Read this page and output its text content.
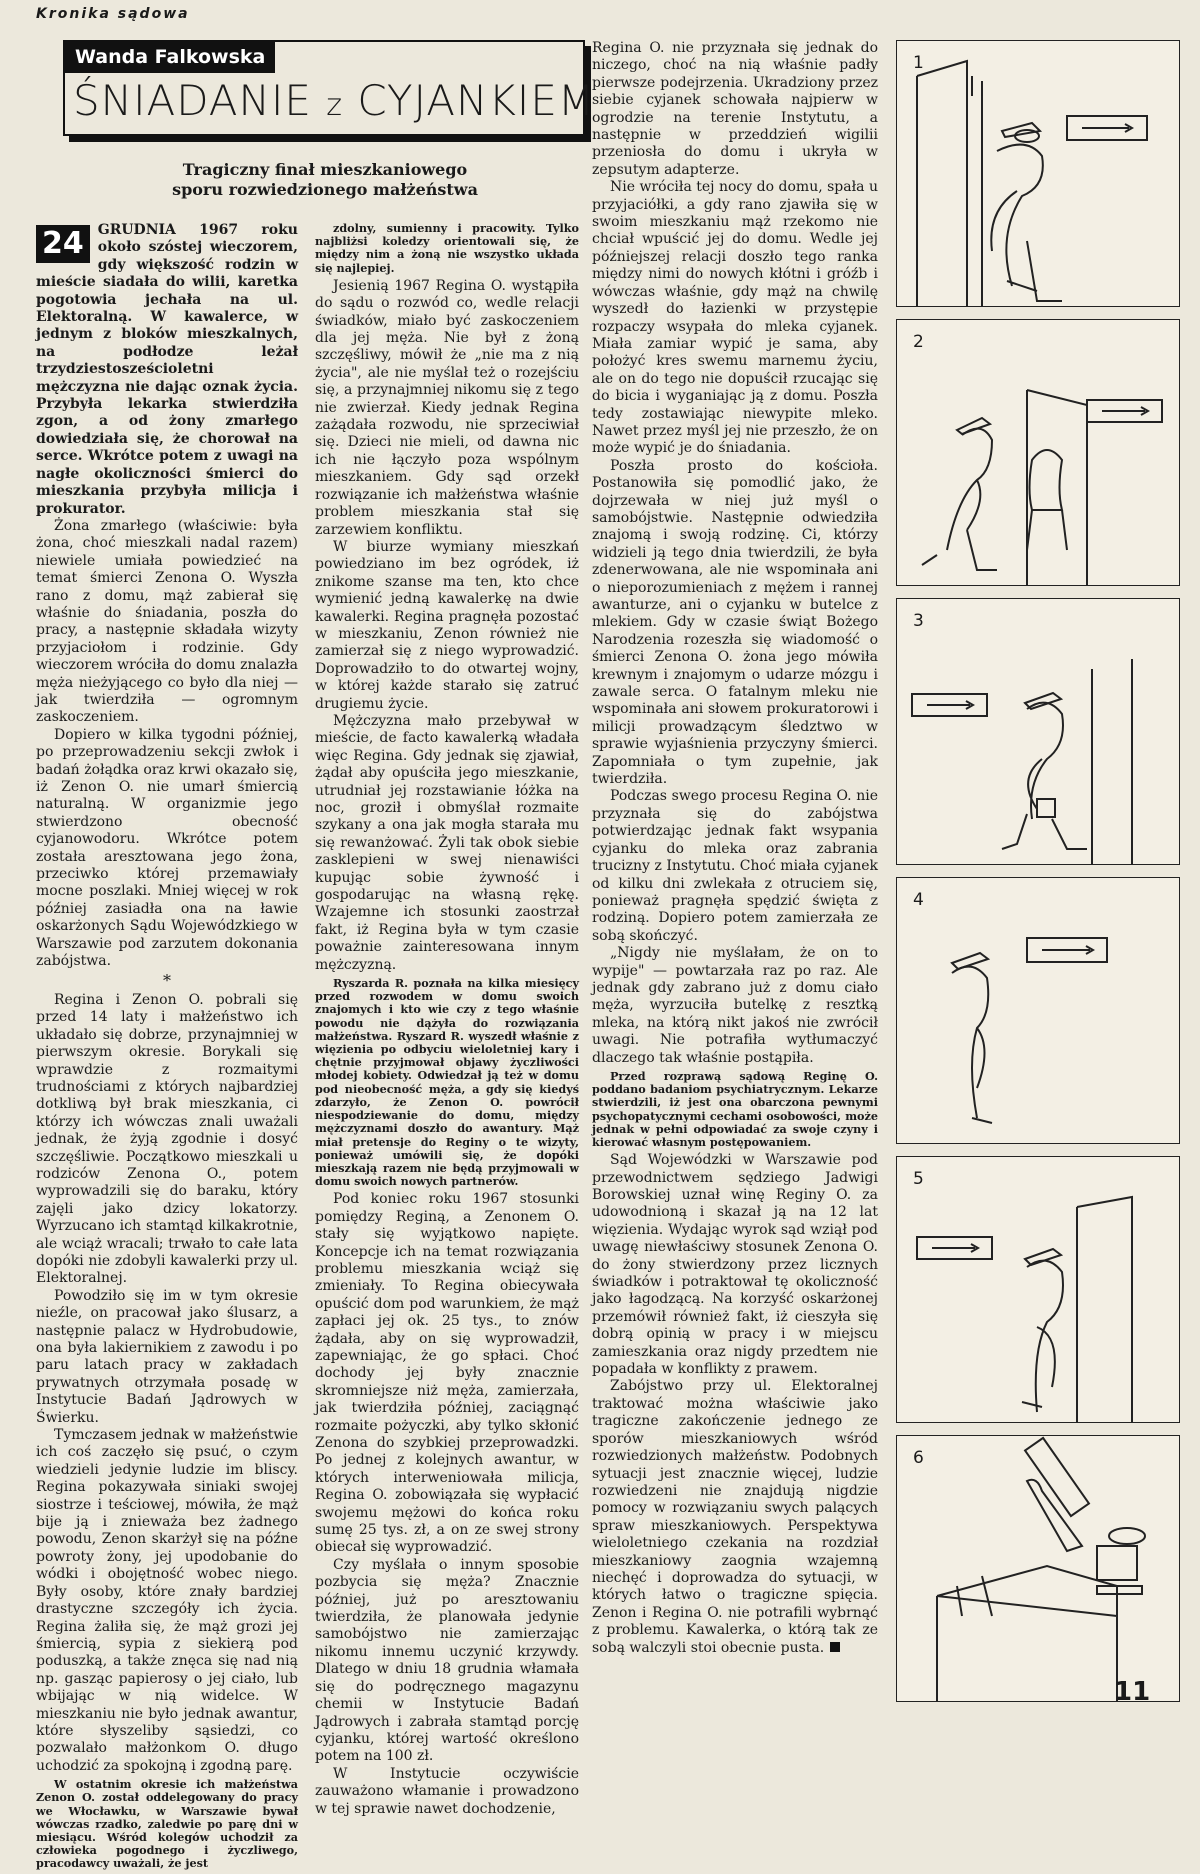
Kronika sądowa
Wanda Falkowska
ŚNIADANIE z CYJANKIEM
Tragiczny finał mieszkaniowego
sporu rozwiedzionego małżeństwa

24	GRUDNIA 1967 roku około szóstej wieczorem, gdy większość rodzin w mieście siadała do wilii, karetka pogotowia jechała na ul. Elektoralną. W kawalerce, w jednym z bloków mieszkalnych, na podłodze leżał trzydziestosześcioletni mężczyzna nie dając oznak życia. Przybyła lekarka stwierdziła zgon, a od żony zmarłego dowiedziała się, że chorował na serce. Wkrótce potem z uwagi na nagłe okoliczności śmierci do mieszkania przybyła milicja i prokurator.

Żona zmarłego (właściwie: była żona, choć mieszkali nadal razem) niewiele umiała powiedzieć na temat śmierci Zenona O. Wyszła rano z domu, mąż zabierał się właśnie do śniadania, poszła do pracy, a następnie składała wizyty przyjaciołom i rodzinie. Gdy wieczorem wróciła do domu znalazła męża nieżyjącego co było dla niej — jak twierdziła — ogromnym zaskoczeniem.

Dopiero w kilka tygodni później, po przeprowadzeniu sekcji zwłok i badań żołądka oraz krwi okazało się, iż Zenon O. nie umarł śmiercią naturalną. W organizmie jego stwierdzono obecność cyjanowodoru. Wkrótce potem została aresztowana jego żona, przeciwko której przemawiały mocne poszlaki. Mniej więcej w rok później zasiadła ona na ławie oskarżonych Sądu Wojewódzkiego w Warszawie pod zarzutem dokonania zabójstwa.

*

Regina i Zenon O. pobrali się przed 14 laty i małżeństwo ich układało się dobrze, przynajmniej w pierwszym okresie. Borykali się wprawdzie z rozmaitymi trudnościami z których najbardziej dotkliwą był brak mieszkania, ci którzy ich wówczas znali uważali jednak, że żyją zgodnie i dosyć szczęśliwie. Początkowo mieszkali u rodziców Zenona O., potem wyprowadzili się do baraku, który zajęli jako dzicy lokatorzy. Wyrzucano ich stamtąd kilkakrotnie, ale wciąż wracali; trwało to całe lata dopóki nie zdobyli kawalerki przy ul. Elektoralnej.

Powodziło się im w tym okresie nieźle, on pracował jako ślusarz, a następnie palacz w Hydrobudowie, ona była lakiernikiem z zawodu i po paru latach pracy w zakładach prywatnych otrzymała posadę w Instytucie Badań Jądrowych w Świerku.

Tymczasem jednak w małżeństwie ich coś zaczęło się psuć, o czym wiedzieli jedynie ludzie im bliscy. Regina pokazywała siniaki swojej siostrze i teściowej, mówiła, że mąż bije ją i znieważa bez żadnego powodu, Zenon skarżył się na późne powroty żony, jej upodobanie do wódki i obojętność wobec niego. Były osoby, które znały bardziej drastyczne szczegóły ich życia. Regina żaliła się, że mąż grozi jej śmiercią, sypia z siekierą pod poduszką, a także znęca się nad nią np. gasząc papierosy o jej ciało, lub wbijając w nią widelce. W mieszkaniu nie było jednak awantur, które słyszeliby sąsiedzi, co pozwalało małżonkom O. długo uchodzić za spokojną i zgodną parę.

W ostatnim okresie ich małżeństwa Zenon O. został oddelegowany do pracy we Włocławku, w Warszawie bywał wówczas rzadko, zaledwie po parę dni w miesiącu. Wśród kolegów uchodził za człowieka pogodnego i życzliwego, pracodawcy uważali, że jest

zdolny, sumienny i pracowity. Tylko najbliżsi koledzy orientowali się, że między nim a żoną nie wszystko układa się najlepiej.

Jesienią 1967 Regina O. wystąpiła do sądu o rozwód co, wedle relacji świadków, miało być zaskoczeniem dla jej męża. Nie był z żoną szczęśliwy, mówił że „nie ma z nią życia", ale nie myślał też o rozejściu się, a przynajmniej nikomu się z tego nie zwierzał. Kiedy jednak Regina zażądała rozwodu, nie sprzeciwiał się. Dzieci nie mieli, od dawna nic ich nie łączyło poza wspólnym mieszkaniem. Gdy sąd orzekł rozwiązanie ich małżeństwa właśnie problem mieszkania stał się zarzewiem konfliktu.

W biurze wymiany mieszkań powiedziano im bez ogródek, iż znikome szanse ma ten, kto chce wymienić jedną kawalerkę na dwie kawalerki. Regina pragnęła pozostać w mieszkaniu, Zenon również nie zamierzał się z niego wyprowadzić. Doprowadziło to do otwartej wojny, w której każde starało się zatruć drugiemu życie.

Mężczyzna mało przebywał w mieście, de facto kawalerką władała więc Regina. Gdy jednak się zjawiał, żądał aby opuściła jego mieszkanie, utrudniał jej rozstawianie łóżka na noc, groził i obmyślał rozmaite szykany a ona jak mogła starała mu się rewanżować. Żyli tak obok siebie zasklepieni w swej nienawiści kupując sobie żywność i gospodarując na własną rękę. Wzajemne ich stosunki zaostrzał fakt, iż Regina była w tym czasie poważnie zainteresowana innym mężczyzną.

Ryszarda R. poznała na kilka miesięcy przed rozwodem w domu swoich znajomych i kto wie czy z tego właśnie powodu nie dążyła do rozwiązania małżeństwa. Ryszard R. wyszedł właśnie z więzienia po odbyciu wieloletniej kary i chętnie przyjmował objawy życzliwości młodej kobiety. Odwiedzał ją też w domu pod nieobecność męża, a gdy się kiedyś zdarzyło, że Zenon O. powrócił niespodziewanie do domu, między mężczyznami doszło do awantury. Mąż miał pretensje do Reginy o te wizyty, ponieważ umówili się, że dopóki mieszkają razem nie będą przyjmowali w domu swoich nowych partnerów.

Pod koniec roku 1967 stosunki pomiędzy Reginą, a Zenonem O. stały się wyjątkowo napięte. Koncepcje ich na temat rozwiązania problemu mieszkania wciąż się zmieniały. To Regina obiecywała opuścić dom pod warunkiem, że mąż zapłaci jej ok. 25 tys., to znów żądała, aby on się wyprowadził, zapewniając, że go spłaci. Choć dochody jej były znacznie skromniejsze niż męża, zamierzała, jak twierdziła później, zaciągnąć rozmaite pożyczki, aby tylko skłonić Zenona do szybkiej przeprowadzki. Po jednej z kolejnych awantur, w których interweniowała milicja, Regina O. zobowiązała się wypłacić swojemu mężowi do końca roku sumę 25 tys. zł, a on ze swej strony obiecał się wyprowadzić.

Czy myślała o innym sposobie pozbycia się męża? Znacznie później, już po aresztowaniu twierdziła, że planowała jedynie samobójstwo nie zamierzając nikomu innemu uczynić krzywdy. Dlatego w dniu 18 grudnia włamała się do podręcznego magazynu chemii w Instytucie Badań Jądrowych i zabrała stamtąd porcję cyjanku, której wartość określono potem na 100 zł.

W Instytucie oczywiście zauważono włamanie i prowadzono w tej sprawie nawet dochodzenie,

Regina O. nie przyznała się jednak do niczego, choć na nią właśnie padły pierwsze podejrzenia. Ukradziony przez siebie cyjanek schowała najpierw w ogrodzie na terenie Instytutu, a następnie w przeddzień wigilii przeniosła do domu i ukryła w zepsutym adapterze.

Nie wróciła tej nocy do domu, spała u przyjaciółki, a gdy rano zjawiła się w swoim mieszkaniu mąż rzekomo nie chciał wpuścić jej do domu. Wedle jej późniejszej relacji doszło tego ranka między nimi do nowych kłótni i gróźb i wówczas właśnie, gdy mąż na chwilę wyszedł do łazienki w przystępie rozpaczy wsypała do mleka cyjanek. Miała zamiar wypić je sama, aby położyć kres swemu marnemu życiu, ale on do tego nie dopuścił rzucając się do bicia i wyganiając ją z domu. Poszła tedy zostawiając niewypite mleko. Nawet przez myśl jej nie przeszło, że on może wypić je do śniadania.

Poszła prosto do kościoła. Postanowiła się pomodlić jako, że dojrzewała w niej już myśl o samobójstwie. Następnie odwiedziła znajomą i swoją rodzinę. Ci, którzy widzieli ją tego dnia twierdzili, że była zdenerwowana, ale nie wspominała ani o nieporozumieniach z mężem i rannej awanturze, ani o cyjanku w butelce z mlekiem. Gdy w czasie świąt Bożego Narodzenia rozeszła się wiadomość o śmierci Zenona O. żona jego mówiła krewnym i znajomym o udarze mózgu i zawale serca. O fatalnym mleku nie wspominała ani słowem prokuratorowi i milicji prowadzącym śledztwo w sprawie wyjaśnienia przyczyny śmierci. Zapomniała o tym zupełnie, jak twierdziła.

Podczas swego procesu Regina O. nie przyznała się do zabójstwa potwierdzając jednak fakt wsypania cyjanku do mleka oraz zabrania trucizny z Instytutu. Choć miała cyjanek od kilku dni zwlekała z otruciem się, ponieważ pragnęła spędzić święta z rodziną. Dopiero potem zamierzała ze sobą skończyć.

„Nigdy nie myślałam, że on to wypije" — powtarzała raz po raz. Ale jednak gdy zabrano już z domu ciało męża, wyrzuciła butelkę z resztką mleka, na którą nikt jakoś nie zwrócił uwagi. Nie potrafiła wytłumaczyć dlaczego tak właśnie postąpiła.

Przed rozprawą sądową Reginę O. poddano badaniom psychiatrycznym. Lekarze stwierdzili, iż jest ona obarczona pewnymi psychopatycznymi cechami osobowości, może jednak w pełni odpowiadać za swoje czyny i kierować własnym postępowaniem.

Sąd Wojewódzki w Warszawie pod przewodnictwem sędziego Jadwigi Borowskiej uznał winę Reginy O. za udowodnioną i skazał ją na 12 lat więzienia. Wydając wyrok sąd wziął pod uwagę niewłaściwy stosunek Zenona O. do żony stwierdzony przez licznych świadków i potraktował tę okoliczność jako łagodzącą. Na korzyść oskarżonej przemówił również fakt, iż cieszyła się dobrą opinią w pracy i w miejscu zamieszkania oraz nigdy przedtem nie popadała w konflikty z prawem.

Zabójstwo przy ul. Elektoralnej traktować można właściwie jako tragiczne zakończenie jednego ze sporów mieszkaniowych wśród rozwiedzionych małżeństw. Podobnych sytuacji jest znacznie więcej, ludzie rozwiedzeni nie znajdują nigdzie pomocy w rozwiązaniu swych palących spraw mieszkaniowych. Perspektywa wieloletniego czekania na rozdział mieszkaniowy zaognia wzajemną niechęć i doprowadza do sytuacji, w których łatwo o tragiczne spięcia. Zenon i Regina O. nie potrafili wybrnąć z problemu. Kawalerka, o którą tak ze sobą walczyli stoi obecnie pusta.

1
2
3
4
5
6
11
